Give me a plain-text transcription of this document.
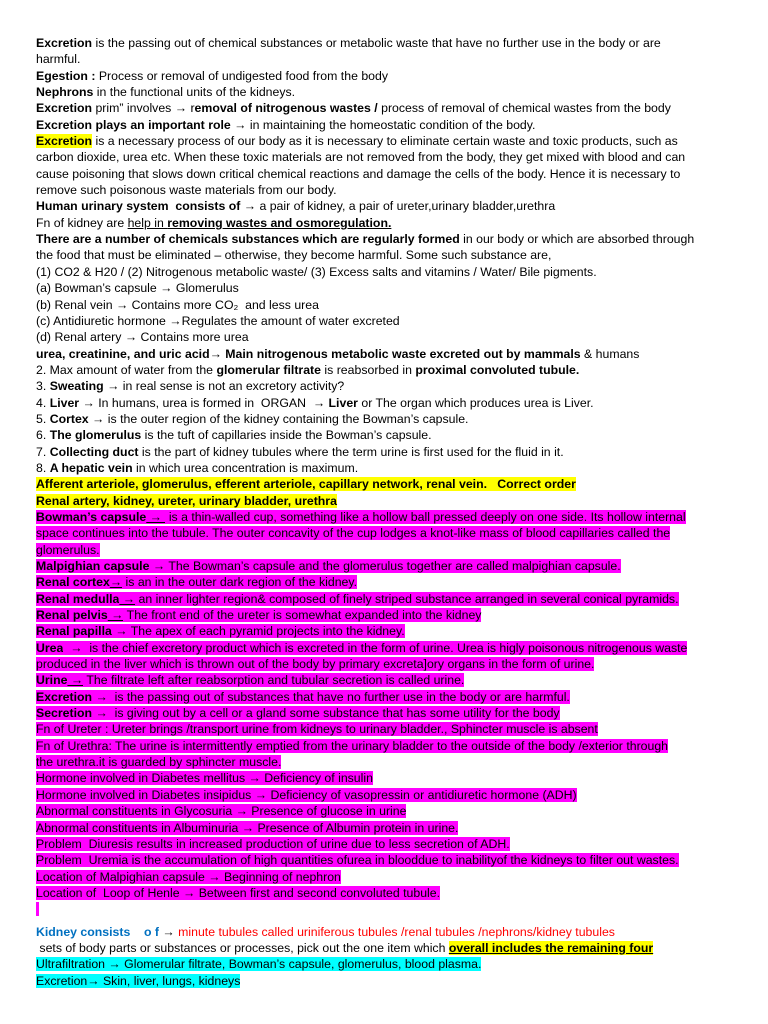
Excretion is the passing out of chemical substances or metabolic waste that have no further use in the body or are
harmful.
Egestion : Process or removal of undigested food from the body
Nephrons in the functional units of the kidneys.
Excretion prim” involves → removal of nitrogenous wastes / process of removal of chemical wastes from the body
Excretion plays an important role → in maintaining the homeostatic condition of the body.
Excretion is a necessary process of our body as it is necessary to eliminate certain waste and toxic products, such as
carbon dioxide, urea etc. When these toxic materials are not removed from the body, they get mixed with blood and can
cause poisoning that slows down critical chemical reactions and damage the cells of the body. Hence it is necessary to
remove such poisonous waste materials from our body.
Human urinary system  consists of → a pair of kidney, a pair of ureter,urinary bladder,urethra
Fn of kidney are help in removing wastes and osmoregulation.
There are a number of chemicals substances which are regularly formed in our body or which are absorbed through
the food that must be eliminated – otherwise, they become harmful. Some such substance are,
(1) CO2 & H20 / (2) Nitrogenous metabolic waste/ (3) Excess salts and vitamins / Water/ Bile pigments.
(a) Bowman’s capsule → Glomerulus
(b) Renal vein → Contains more CO₂  and less urea
(c) Antidiuretic hormone →Regulates the amount of water excreted
(d) Renal artery → Contains more urea
urea, creatinine, and uric acid→ Main nitrogenous metabolic waste excreted out by mammals & humans
2. Max amount of water from the glomerular filtrate is reabsorbed in proximal convoluted tubule.
3. Sweating → in real sense is not an excretory activity?
4. Liver → In humans, urea is formed in  ORGAN  → Liver or The organ which produces urea is Liver.
5. Cortex → is the outer region of the kidney containing the Bowman’s capsule.
6. The glomerulus is the tuft of capillaries inside the Bowman’s capsule.
7. Collecting duct is the part of kidney tubules where the term urine is first used for the fluid in it.
8. A hepatic vein in which urea concentration is maximum.
Afferent arteriole, glomerulus, efferent arteriole, capillary network, renal vein.   Correct order
Renal artery, kidney, ureter, urinary bladder, urethra
Bowman’s capsule →  is a thin-walled cup, something like a hollow ball pressed deeply on one side. Its hollow internal
space continues into the tubule. The outer concavity of the cup lodges a knot-like mass of blood capillaries called the
glomerulus.
Malpighian capsule → The Bowman’s capsule and the glomerulus together are called malpighian capsule.
Renal cortex→ is an in the outer dark region of the kidney.
Renal medulla → an inner lighter region& composed of finely striped substance arranged in several conical pyramids.
Renal pelvis → The front end of the ureter is somewhat expanded into the kidney
Renal papilla → The apex of each pyramid projects into the kidney.
Urea  →  is the chief excretory product which is excreted in the form of urine. Urea is higly poisonous nitrogenous waste
produced in the liver which is thrown out of the body by primary excreta]ory organs in the form of urine.
Urine → The filtrate left after reabsorption and tubular secretion is called urine.
Excretion →  is the passing out of substances that have no further use in the body or are harmful.
Secretion →  is giving out by a cell or a gland some substance that has some utility for the body
Fn of Ureter : Ureter brings /transport urine from kidneys to urinary bladder., Sphincter muscle is absent
Fn of Urethra: The urine is intermittently emptied from the urinary bladder to the outside of the body /exterior through
the urethra.it is guarded by sphincter muscle.
Hormone involved in Diabetes mellitus → Deficiency of insulin
Hormone involved in Diabetes insipidus → Deficiency of vasopressin or antidiuretic hormone (ADH)
Abnormal constituents in Glycosuria → Presence of glucose in urine
Abnormal constituents in Albuminuria → Presence of Albumin protein in urine.
Problem  Diuresis results in increased production of urine due to less secretion of ADH.
Problem  Uremia is the accumulation of high quantities ofurea in blooddue to inabilityof the kidneys to filter out wastes.
Location of Malpighian capsule → Beginning of nephron
Location of  Loop of Henle → Between first and second convoluted tubule.

Kidney consists    o f → minute tubules called uriniferous tubules /renal tubules /nephrons/kidney tubules
sets of body parts or substances or processes, pick out the one item which overall includes the remaining four
Ultrafiltration → Glomerular filtrate, Bowman’s capsule, glomerulus, blood plasma.
Excretion→ Skin, liver, lungs, kidneys
